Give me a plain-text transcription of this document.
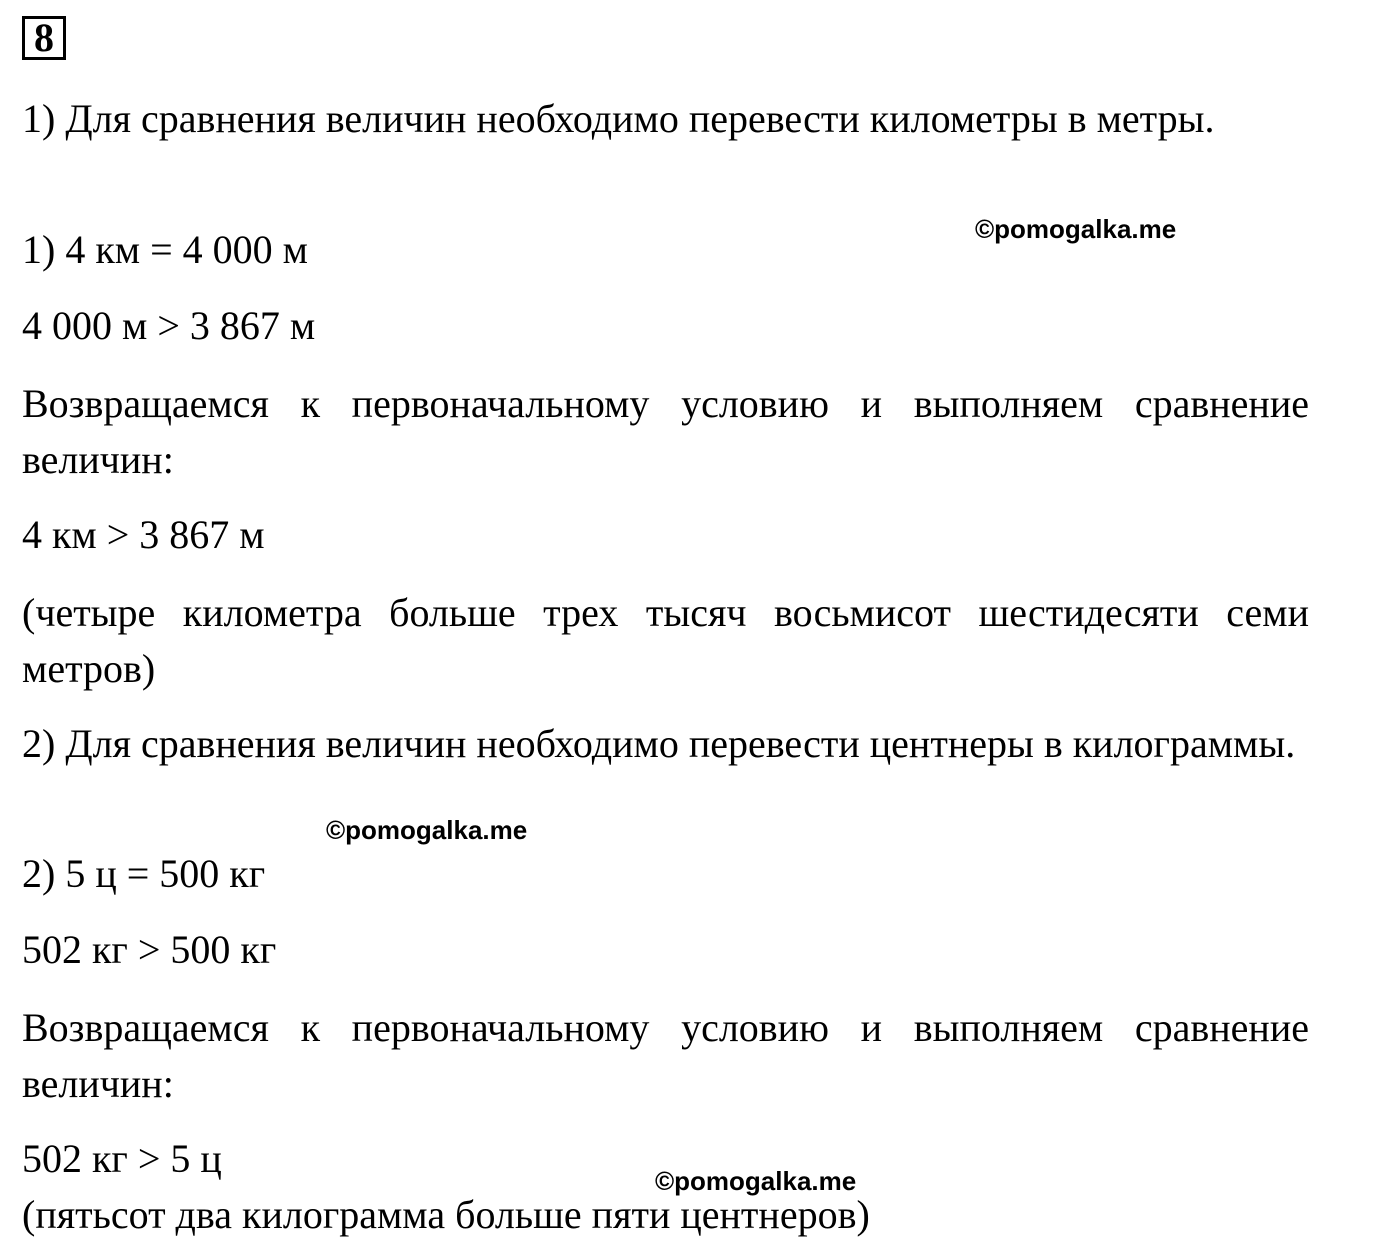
8
1) Для сравнения величин необходимо перевести километры в метры.
©pomogalka.me
1) 4 км = 4 000 м
4 000 м > 3 867 м
Возвращаемся к первоначальному условию и выполняем сравнение величин:
4 км > 3 867 м
(четыре километра больше трех тысяч восьмисот шестидесяти семи метров)
2) Для сравнения величин необходимо перевести центнеры в килограммы.
©pomogalka.me
2) 5 ц = 500 кг
502 кг > 500 кг
Возвращаемся к первоначальному условию и выполняем сравнение величин:
502 кг > 5 ц	©pomogalka.me
(пятьсот два килограмма больше пяти центнеров)
